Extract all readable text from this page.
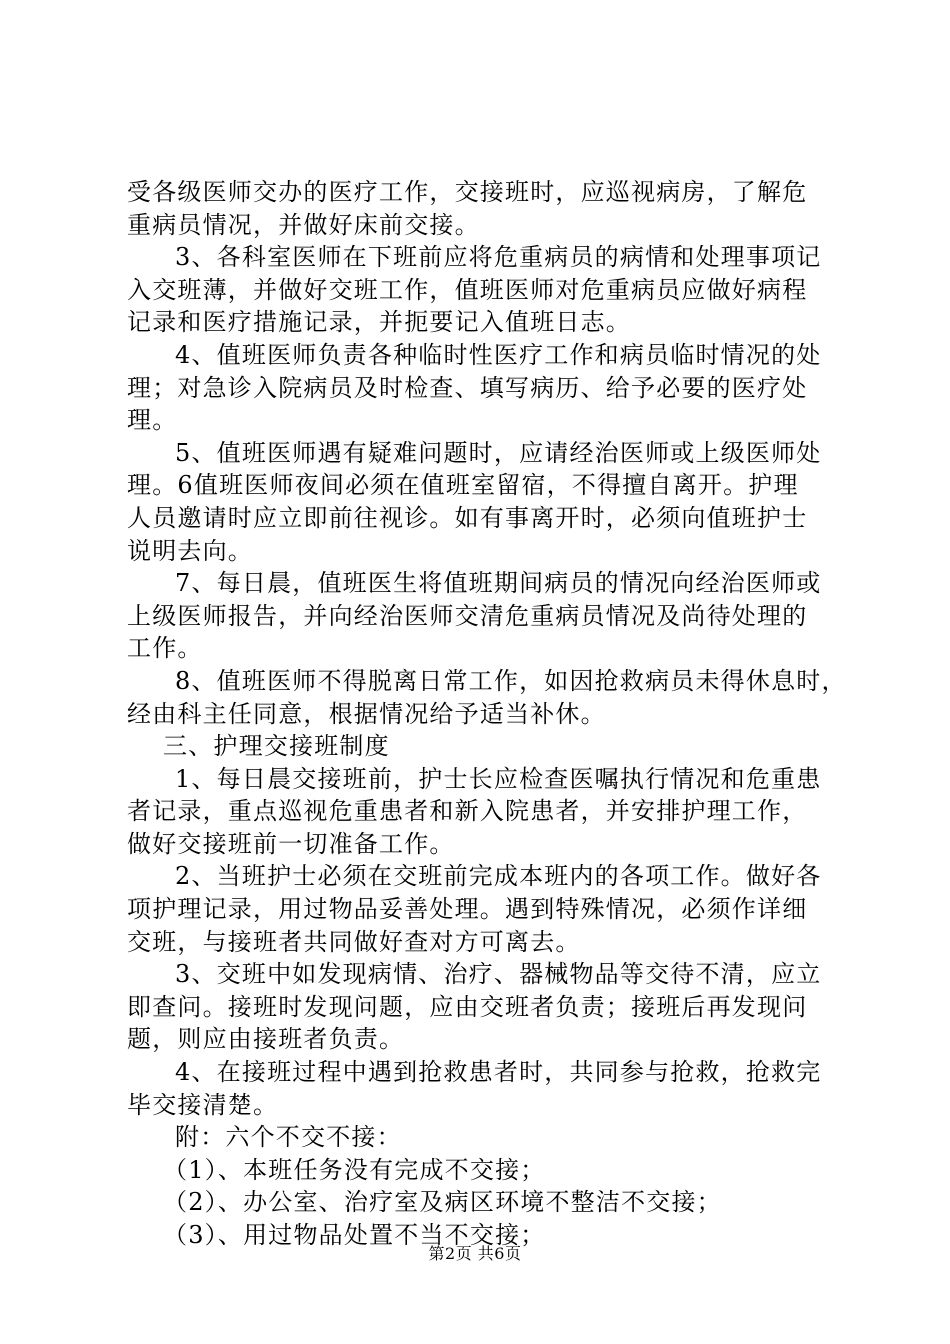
受各级医师交办的医疗工作，交接班时，应巡视病房，了解危
重病员情况，并做好床前交接。
3、各科室医师在下班前应将危重病员的病情和处理事项记
入交班薄，并做好交班工作，值班医师对危重病员应做好病程
记录和医疗措施记录，并扼要记入值班日志。
4、值班医师负责各种临时性医疗工作和病员临时情况的处
理；对急诊入院病员及时检查、填写病历、给予必要的医疗处
理。
5、值班医师遇有疑难问题时，应请经治医师或上级医师处
理。6值班医师夜间必须在值班室留宿，不得擅自离开。护理
人员邀请时应立即前往视诊。如有事离开时，必须向值班护士
说明去向。
7、每日晨，值班医生将值班期间病员的情况向经治医师或
上级医师报告，并向经治医师交清危重病员情况及尚待处理的
工作。
8、值班医师不得脱离日常工作，如因抢救病员未得休息时，
经由科主任同意，根据情况给予适当补休。
三、护理交接班制度
1、每日晨交接班前，护士长应检查医嘱执行情况和危重患
者记录，重点巡视危重患者和新入院患者，并安排护理工作，
做好交接班前一切准备工作。
2、当班护士必须在交班前完成本班内的各项工作。做好各
项护理记录，用过物品妥善处理。遇到特殊情况，必须作详细
交班，与接班者共同做好查对方可离去。
3、交班中如发现病情、治疗、器械物品等交待不清，应立
即查问。接班时发现问题，应由交班者负责；接班后再发现问
题，则应由接班者负责。
4、在接班过程中遇到抢救患者时，共同参与抢救，抢救完
毕交接清楚。
附：六个不交不接：
（1）、本班任务没有完成不交接；
（2）、办公室、治疗室及病区环境不整洁不交接；
（3）、用过物品处置不当不交接；
第2页 共6页
